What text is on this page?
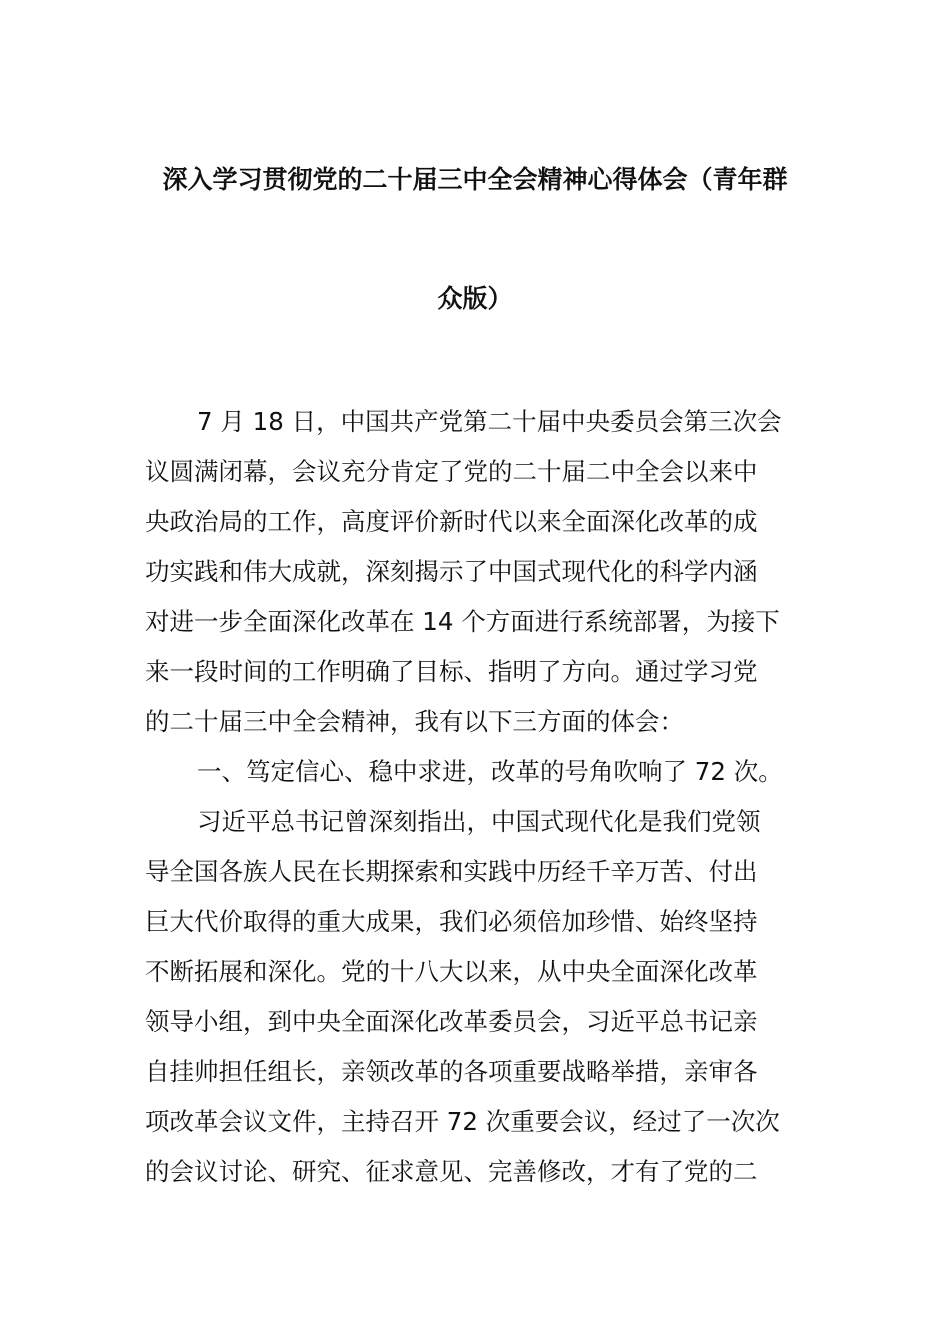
深入学习贯彻党的二十届三中全会精神心得体会（青年群
众版）
7 月 18 日，中国共产党第二十届中央委员会第三次会
议圆满闭幕，会议充分肯定了党的二十届二中全会以来中
央政治局的工作，高度评价新时代以来全面深化改革的成
功实践和伟大成就，深刻揭示了中国式现代化的科学内涵
对进一步全面深化改革在 14 个方面进行系统部署，为接下
来一段时间的工作明确了目标、指明了方向。通过学习党
的二十届三中全会精神，我有以下三方面的体会：
一、笃定信心、稳中求进，改革的号角吹响了 72 次。
习近平总书记曾深刻指出，中国式现代化是我们党领
导全国各族人民在长期探索和实践中历经千辛万苦、付出
巨大代价取得的重大成果，我们必须倍加珍惜、始终坚持
不断拓展和深化。党的十八大以来，从中央全面深化改革
领导小组，到中央全面深化改革委员会，习近平总书记亲
自挂帅担任组长，亲领改革的各项重要战略举措，亲审各
项改革会议文件，主持召开 72 次重要会议，经过了一次次
的会议讨论、研究、征求意见、完善修改，才有了党的二
